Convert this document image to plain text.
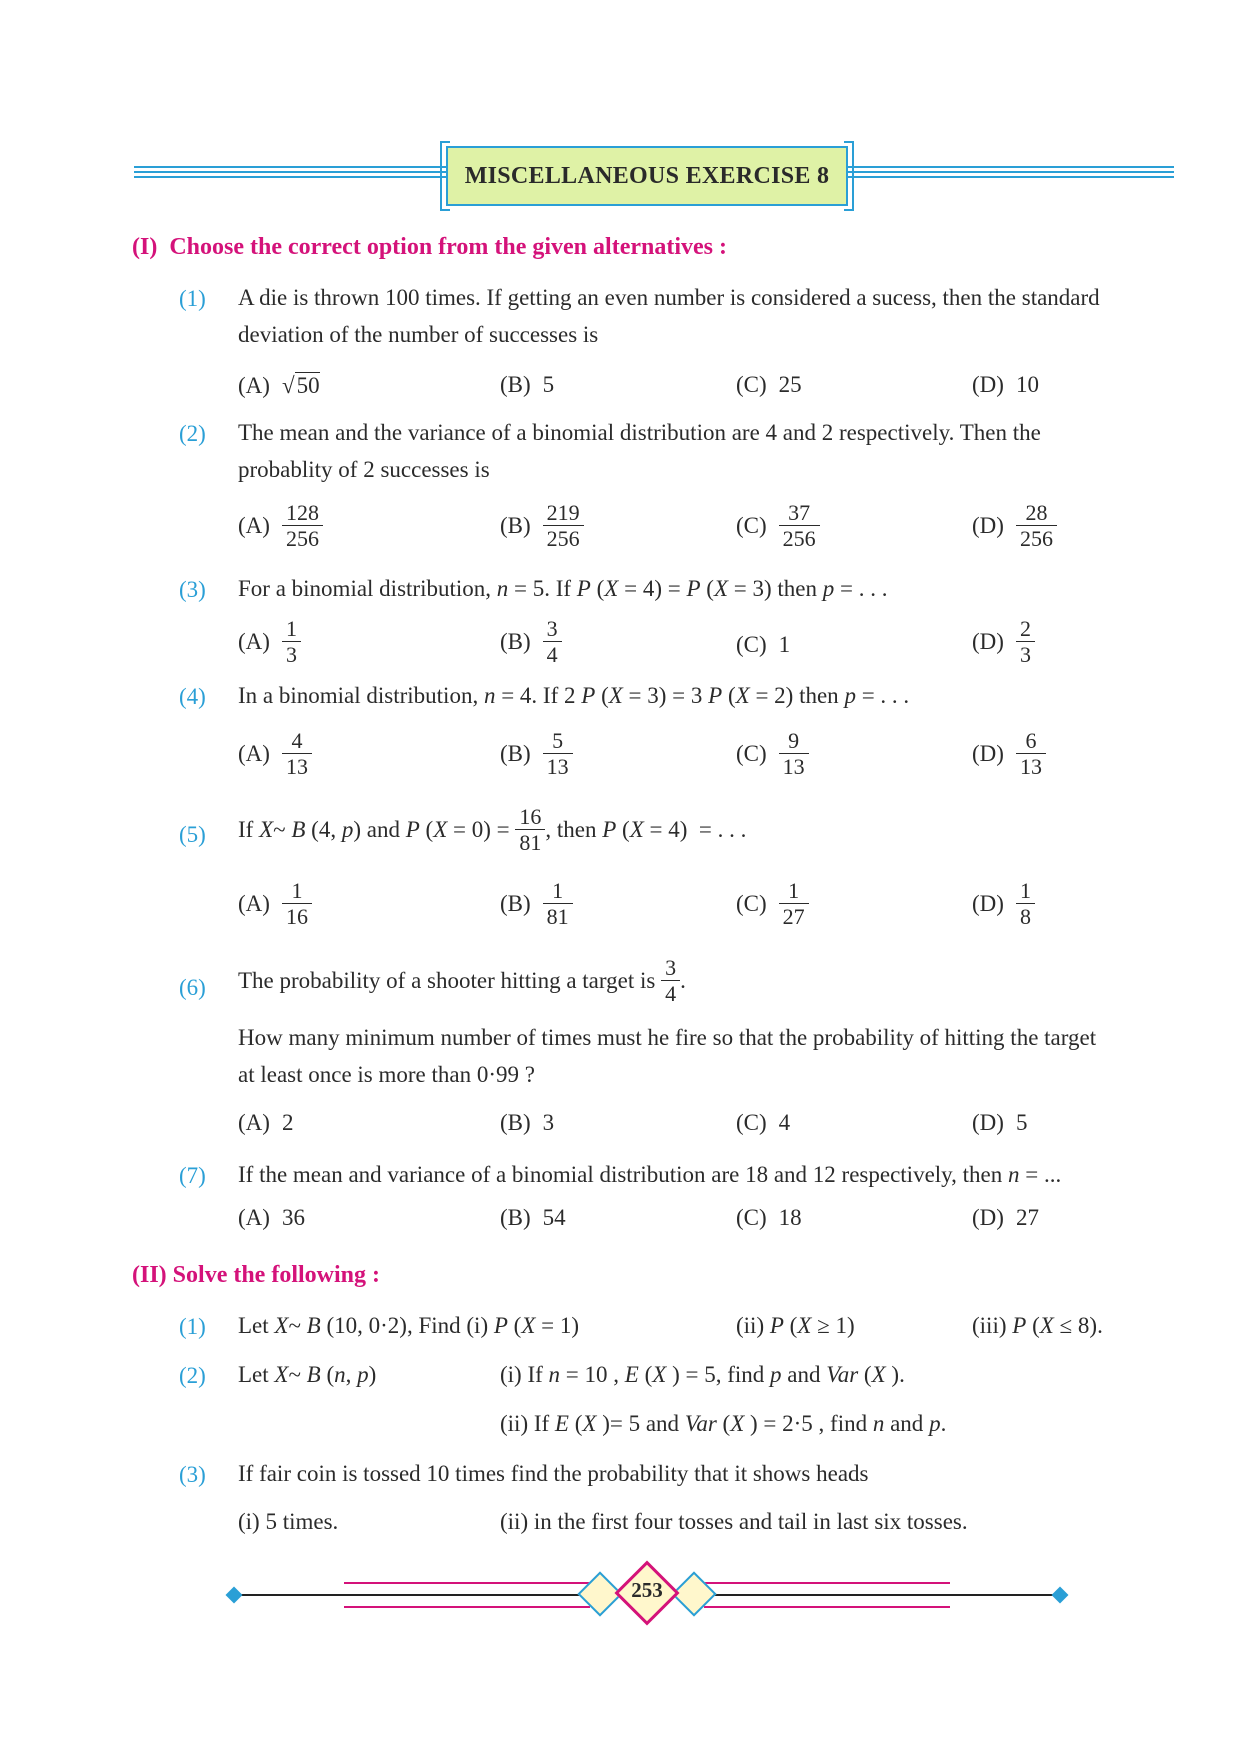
MISCELLANEOUS EXERCISE 8
(I) Choose the correct option from the given alternatives :
(1) A die is thrown 100 times. If getting an even number is considered a sucess, then the standard
deviation of the number of successes is
(A) √ 50	(B) 5	(C) 25	(D) 10
(2) The mean and the variance of a binomial distribution are 4 and 2 respectively. Then the
probablity of 2 successes is
$(A) \frac{128}{256}$	$(B) \frac{219}{256}$	$(C) \frac{37}{256}$	$(D) \frac{28}{256}$
(3) For a binomial distribution, n = 5. If P (X = 4) = P (X = 3) then p = . . .
$(A) \frac{1}{3}$	$(B) \frac{3}{4}$	(C) 1	$(D) \frac{2}{3}$
(4) In a binomial distribution, n = 4. If 2 P (X = 3) = 3 P (X = 2) then p = . . .
$(A) \frac{4}{13}$	$(B) \frac{5}{13}$	$(C) \frac{9}{13}$	$(D) \frac{6}{13}$
(5) If X~ B (4, p) and P $(X = 0) = \frac{16}{81}$ , then P (X = 4)  = . . .
$(A) \frac{1}{16}$	$(B) \frac{1}{81}$	$(C) \frac{1}{27}$	$(D) \frac{1}{8}$
(6) The probability of a shooter hitting a target is
$\frac{3}{4}$ .
How many minimum number of times must he fire so that the probability of hitting the target
at least once is more than 0·99 ?
(A) 2	(B) 3	(C) 4	(D) 5
(7) If the mean and variance of a binomial distribution are 18 and 12 respectively, then n = ...
(A) 36	(B) 54	(C) 18	(D) 27
(II) Solve the following :
(1) Let X~ B (10, 0·2), Find (i) P (X = 1)	(ii) P (X ≥ 1)	(iii) P (X ≤ 8).
(2) Let X~ B (n, p)	(i) If n = 10 , E (X ) = 5, find p and Var (X ).
(ii) If E (X )= 5 and Var (X ) = 2·5 , find n and p.
(3) If fair coin is tossed 10 times find the probability that it shows heads
(i) 5 times.	(ii) in the first four tosses and tail in last six tosses.
253
